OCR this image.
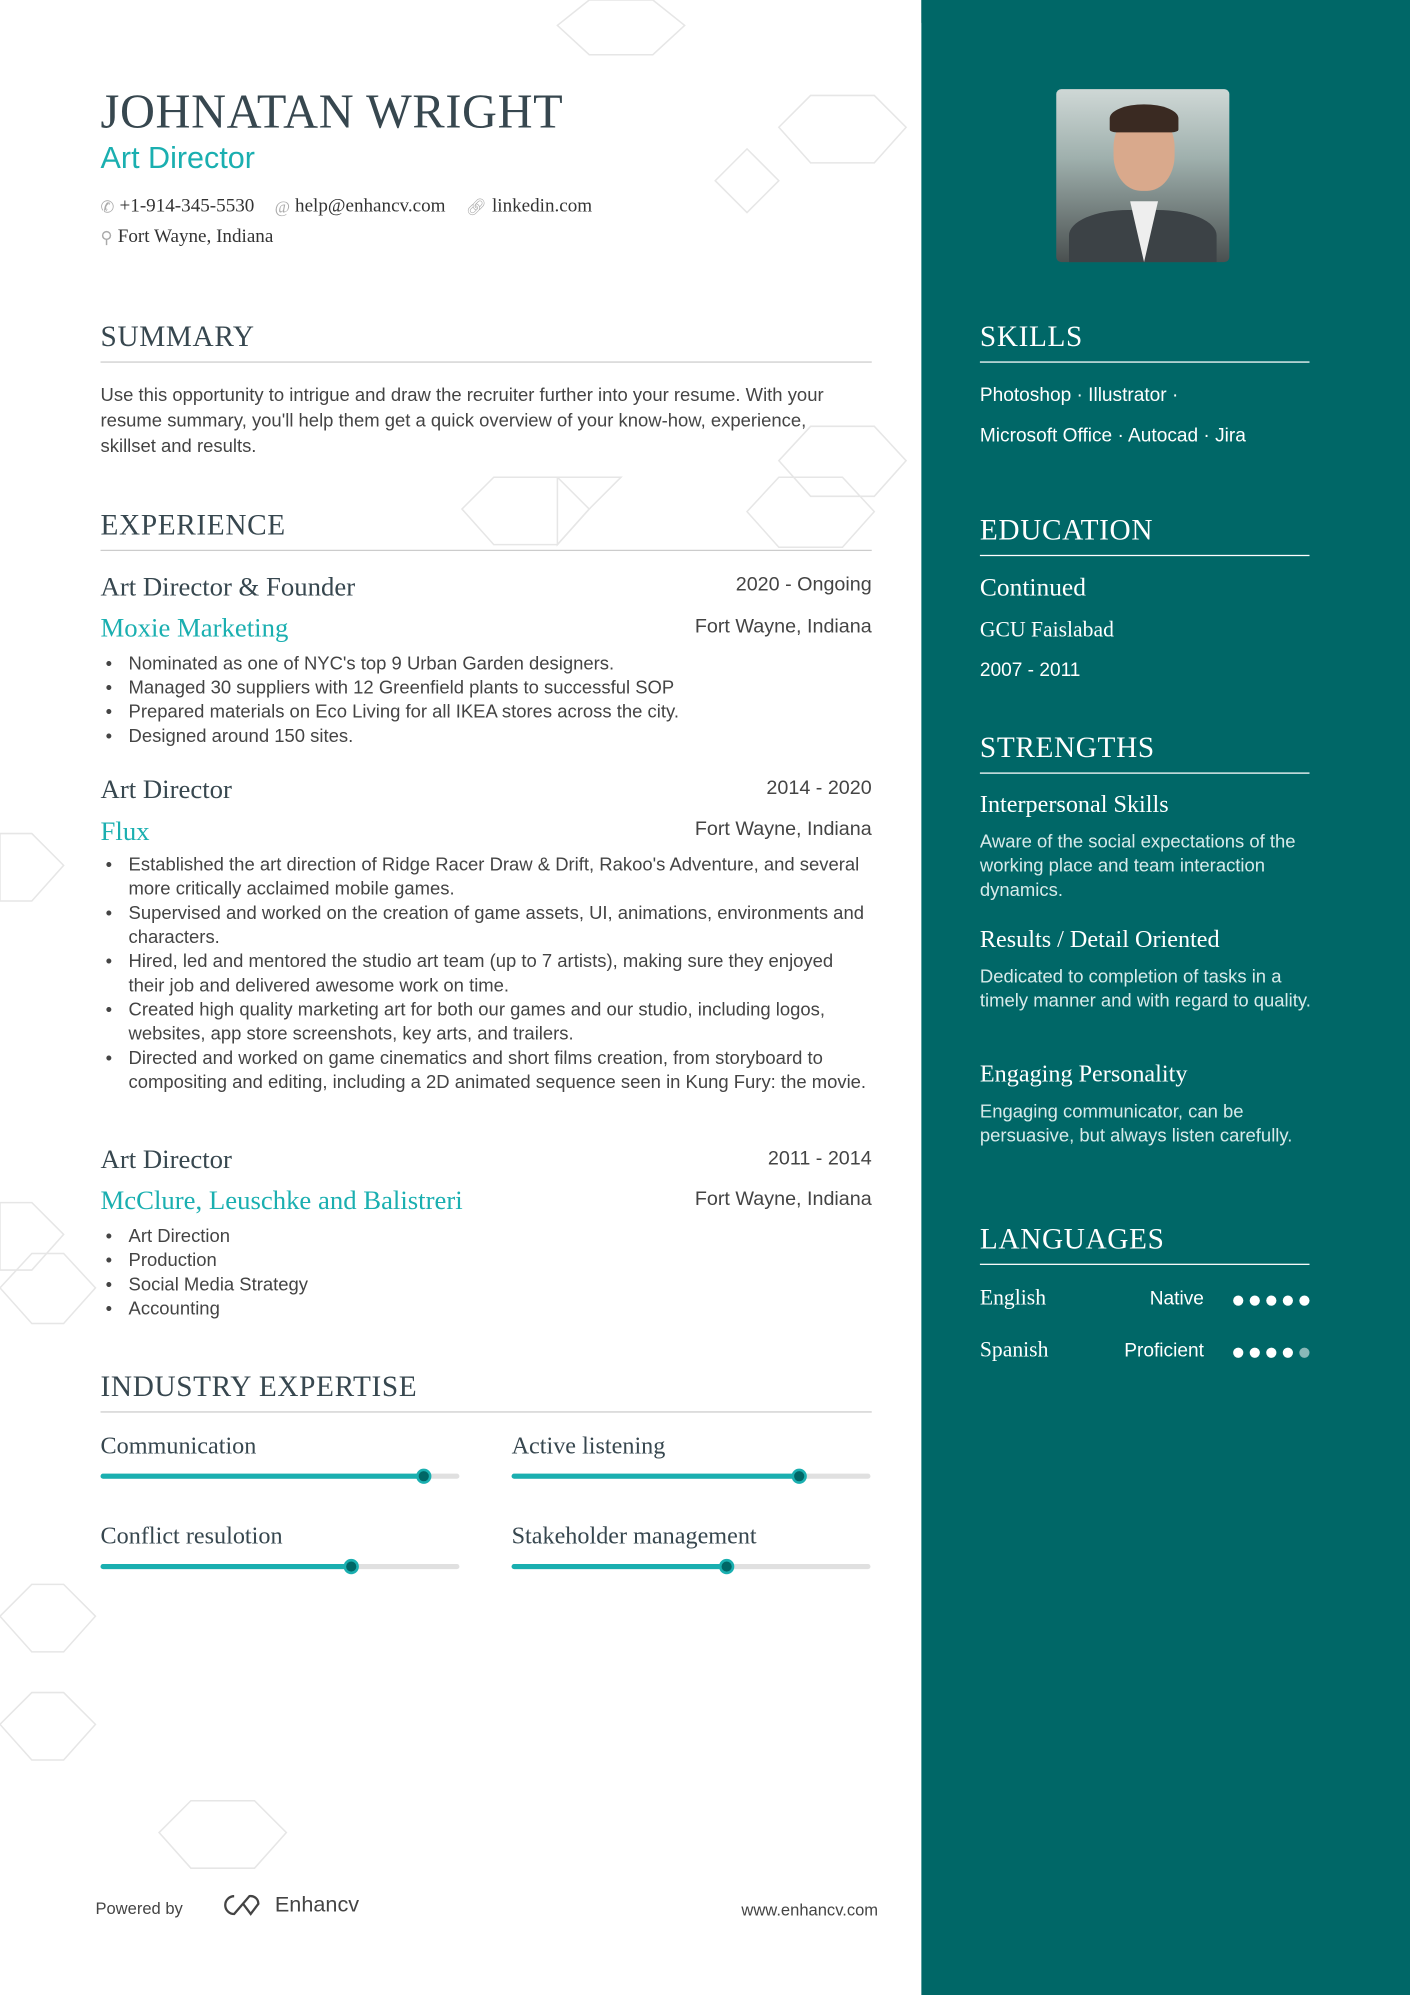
JOHNATAN WRIGHT
Art Director
✆ +1-914-345-5530 @ help@enhancv.com 🔗︎ linkedin.com
⚲ Fort Wayne, Indiana
SUMMARY
Use this opportunity to intrigue and draw the recruiter further into your resume. With your resume summary, you'll help them get a quick overview of your know-how, experience, skillset and results.
EXPERIENCE
Art Director & Founder	2020 - Ongoing
Moxie Marketing	Fort Wayne, Indiana
• Nominated as one of NYC's top 9 Urban Garden designers.
• Managed 30 suppliers with 12 Greenfield plants to successful SOP
• Prepared materials on Eco Living for all IKEA stores across the city.
• Designed around 150 sites.
Art Director	2014 - 2020
Flux	Fort Wayne, Indiana
• Established the art direction of Ridge Racer Draw & Drift, Rakoo's Adventure, and several more critically acclaimed mobile games.
• Supervised and worked on the creation of game assets, UI, animations, environments and characters.
• Hired, led and mentored the studio art team (up to 7 artists), making sure they enjoyed their job and delivered awesome work on time.
• Created high quality marketing art for both our games and our studio, including logos, websites, app store screenshots, key arts, and trailers.
• Directed and worked on game cinematics and short films creation, from storyboard to compositing and editing, including a 2D animated sequence seen in Kung Fury: the movie.
Art Director	2011 - 2014
McClure, Leuschke and Balistreri	Fort Wayne, Indiana
• Art Direction
• Production
• Social Media Strategy
• Accounting
INDUSTRY EXPERTISE
Communication	Active listening
Conflict resulotion	Stakeholder management
Powered by	Enhancv	www.enhancv.com
SKILLS
Photoshop · Illustrator ·
Microsoft Office · Autocad · Jira
EDUCATION
Continued
GCU Faislabad
2007 - 2011
STRENGTHS
Interpersonal Skills
Aware of the social expectations of the working place and team interaction dynamics.
Results / Detail Oriented
Dedicated to completion of tasks in a timely manner and with regard to quality.
Engaging Personality
Engaging communicator, can be persuasive, but always listen carefully.
LANGUAGES
English	Native
Spanish	Proficient
